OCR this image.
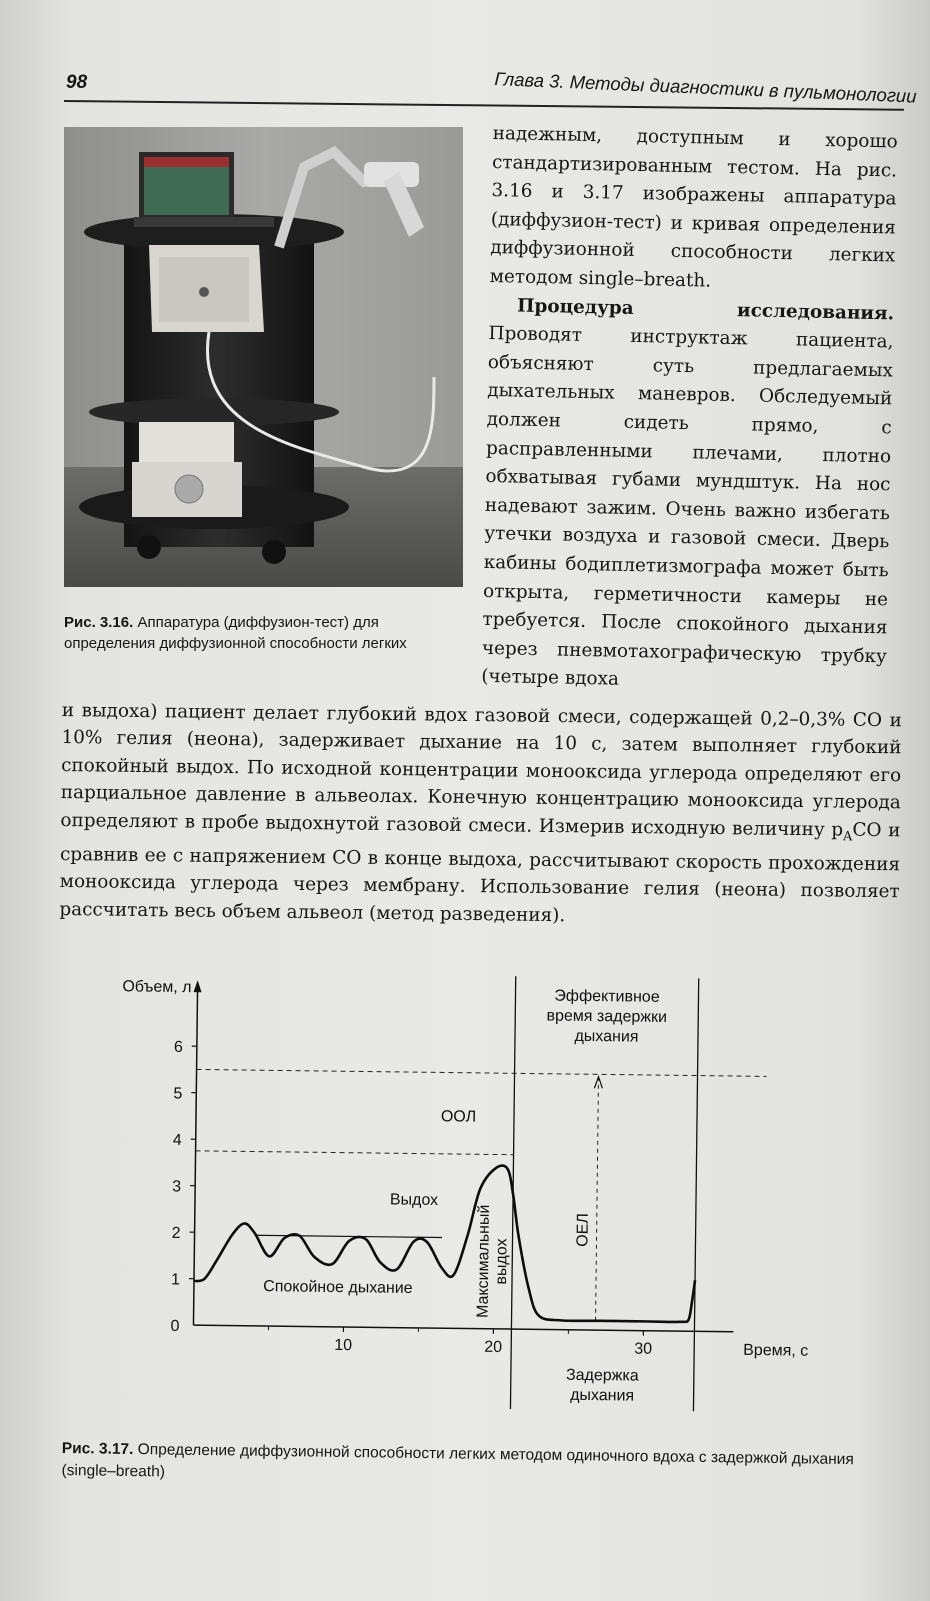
98	Глава 3. Методы диагностики в пульмонологии
Рис. 3.16. Аппаратура (диффузион-тест) для определения диффузионной способности легких

надежным, доступным и хорошо стандартизированным тестом. На рис. 3.16 и 3.17 изображены аппаратура (диффузион-тест) и кривая определения диффузионной способности легких методом single–breath.

Процедура исследования. Проводят инструктаж пациента, объясняют суть предлагаемых дыхательных маневров. Обследуемый должен сидеть прямо, с расправленными плечами, плотно обхватывая губами мундштук. На нос надевают зажим. Очень важно избегать утечки воздуха и газовой смеси. Дверь кабины бодиплетизмографа может быть открыта, герметичности камеры не требуется. После спокойного дыхания через пневмотахографическую трубку (четыре вдоха

и выдоха) пациент делает глубокий вдох газовой смеси, содержащей 0,2–0,3% СО и 10% гелия (неона), задерживает дыхание на 10 с, затем выполняет глубокий спокойный выдох. По исходной концентрации монооксида углерода определяют его парциальное давление в альвеолах. Конечную концентрацию монооксида углерода определяют в пробе выдохнутой газовой смеси. Измерив исходную величину $р_AСО$ и сравнив ее с напряжением СО в конце выдоха, рассчитывают скорость прохождения монооксида углерода через мембрану. Использование гелия (неона) позволяет рассчитать весь объем альвеол (метод разведения).

0
1
2
3
4
5
6
10	20	30
Объем, л
Время, с
Эффективное
время задержки
дыхания
ООЛ
Выдох
Спокойное дыхание	Максимальный выдох
ОЕЛ
Задержка
дыхания
Рис. 3.17. Определение диффузионной способности легких методом одиночного вдоха с задержкой дыхания (single–breath)
